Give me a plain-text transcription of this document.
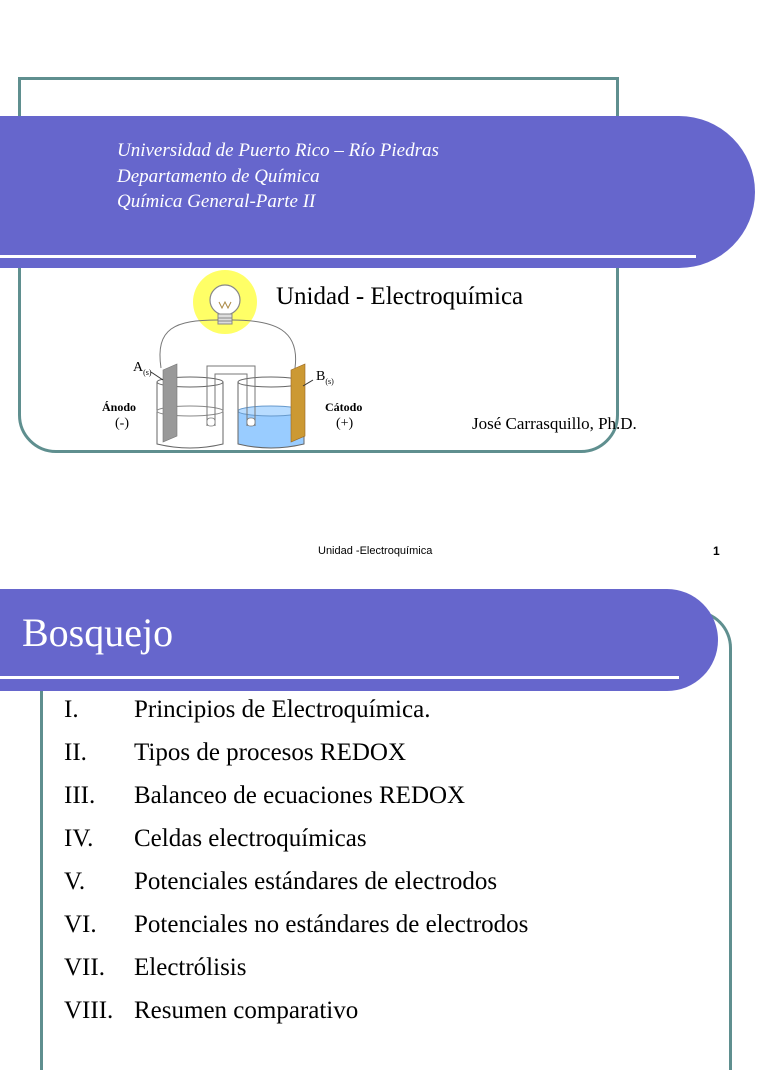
Universidad de Puerto Rico – Río Piedras
Departamento de Química
Química General-Parte II
Unidad - Electroquímica
$A_{(s)}$	$B_{(s)}$
Ánodo
(-)
Cátodo
(+)	José Carrasquillo, Ph.D.
Unidad -Electroquímica	1
Bosquejo
I. Principios de Electroquímica.
II. Tipos de procesos REDOX
III. Balanceo de ecuaciones REDOX
IV. Celdas electroquímicas
V. Potenciales estándares de electrodos
VI. Potenciales no estándares de electrodos
VII. Electrólisis
VIII. Resumen comparativo
